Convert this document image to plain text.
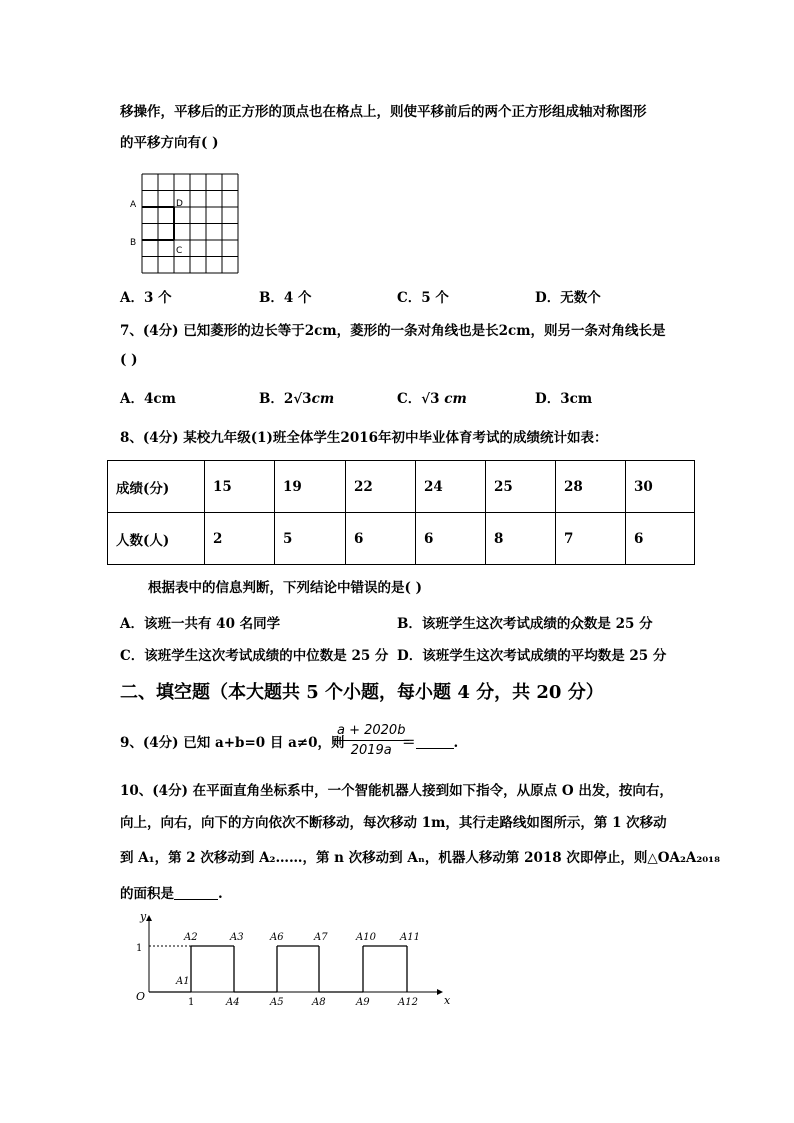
移操作，平移后的正方形的顶点也在格点上，则使平移前后的两个正方形组成轴对称图形
的平移方向有( )
A
B
C
D
A．3 个	B．4 个	C．5 个	D．无数个
7、(4分) 已知菱形的边长等于2cm，菱形的一条对角线也是长2cm，则另一条对角线长是
( )
A．4cm	B．2√3cm	C．√3 cm	D．3cm
8、(4分) 某校九年级(1)班全体学生2016年初中毕业体育考试的成绩统计如表：
成绩(分)	15	19	22	24	25	28	30
人数(人)	2	5	6	6	8	7	6
根据表中的信息判断，下列结论中错误的是( )
A．该班一共有 40 名同学	B．该班学生这次考试成绩的众数是 25 分
C．该班学生这次考试成绩的中位数是 25 分 D．该班学生这次考试成绩的平均数是 25 分
二、填空题（本大题共 5 个小题，每小题 4 分，共 20 分）
9、(4分) 已知 a+b=0 目 a≠0，则
a + 2020b
2019a ＝	.
10、(4分) 在平面直角坐标系中，一个智能机器人接到如下指令，从原点 O 出发，按向右，
向上，向右，向下的方向依次不断移动，每次移动 1m，其行走路线如图所示，第 1 次移动
到 A₁，第 2 次移动到 A₂……，第 n 次移动到 Aₙ，机器人移动第 2018 次即停止，则△OA₂A₂₀₁₈
的面积是	.
y
x
O
1
1
A1
A2	A3
A4	A5
A6	A7
A8	A9
A10 A11
A12
